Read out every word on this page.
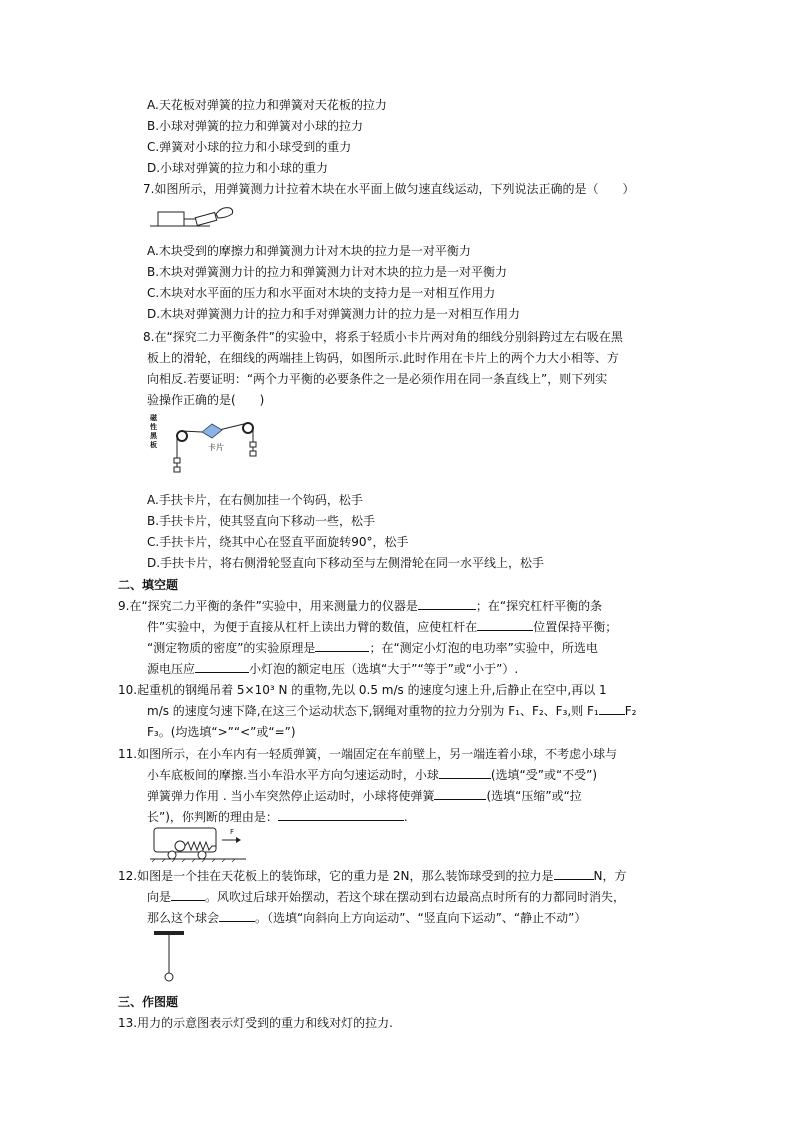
A.天花板对弹簧的拉力和弹簧对天花板的拉力
B.小球对弹簧的拉力和弹簧对小球的拉力
C.弹簧对小球的拉力和小球受到的重力
D.小球对弹簧的拉力和小球的重力
7.如图所示，用弹簧测力计拉着木块在水平面上做匀速直线运动，下列说法正确的是（　　）
A.木块受到的摩擦力和弹簧测力计对木块的拉力是一对平衡力
B.木块对弹簧测力计的拉力和弹簧测力计对木块的拉力是一对平衡力
C.木块对水平面的压力和水平面对木块的支持力是一对相互作用力
D.木块对弹簧测力计的拉力和手对弹簧测力计的拉力是一对相互作用力
8.在“探究二力平衡条件”的实验中，将系于轻质小卡片两对角的细线分别斜跨过左右吸在黑
板上的滑轮，在细线的两端挂上钩码，如图所示.此时作用在卡片上的两个力大小相等、方
向相反.若要证明：“两个力平衡的必要条件之一是必须作用在同一条直线上”，则下列实
验操作正确的是(　　)
磁
性
黑
板	卡片
A.手扶卡片，在右侧加挂一个钩码，松手
B.手扶卡片，使其竖直向下移动一些，松手
C.手扶卡片，绕其中心在竖直平面旋转90°，松手
D.手扶卡片，将右侧滑轮竖直向下移动至与左侧滑轮在同一水平线上，松手
二、填空题
9.在“探究二力平衡的条件”实验中，用来测量力的仪器是	；在“探究杠杆平衡的条
件”实验中，为便于直接从杠杆上读出力臂的数值，应使杠杆在	位置保持平衡；
“测定物质的密度”的实验原理是	；在“测定小灯泡的电功率”实验中，所选电
源电压应	小灯泡的额定电压（选填“大于”“等于”或“小于”）.
10.起重机的钢绳吊着 5×10³ N 的重物,先以 0.5 m/s 的速度匀速上升,后静止在空中,再以 1
m/s 的速度匀速下降,在这三个运动状态下,钢绳对重物的拉力分别为 F₁、F₂、F₃,则 F₁ F₂
F₃。(均选填“>”“<”或“=”)
11.如图所示，在小车内有一轻质弹簧，一端固定在车前壁上，另一端连着小球，不考虑小球与
小车底板间的摩擦.当小车沿水平方向匀速运动时，小球	(选填“受”或“不受”)
弹簧弹力作用 . 当小车突然停止运动时，小球将使弹簧	(选填“压缩”或“拉
长”)，你判断的理由是：	.
F
12.如图是一个挂在天花板上的装饰球，它的重力是 2N，那么装饰球受到的拉力是	N，方
向是	。风吹过后球开始摆动，若这个球在摆动到右边最高点时所有的力都同时消失，
那么这个球会	。（选填“向斜向上方向运动”、“竖直向下运动”、“静止不动”）
三、作图题
13.用力的示意图表示灯受到的重力和线对灯的拉力.
